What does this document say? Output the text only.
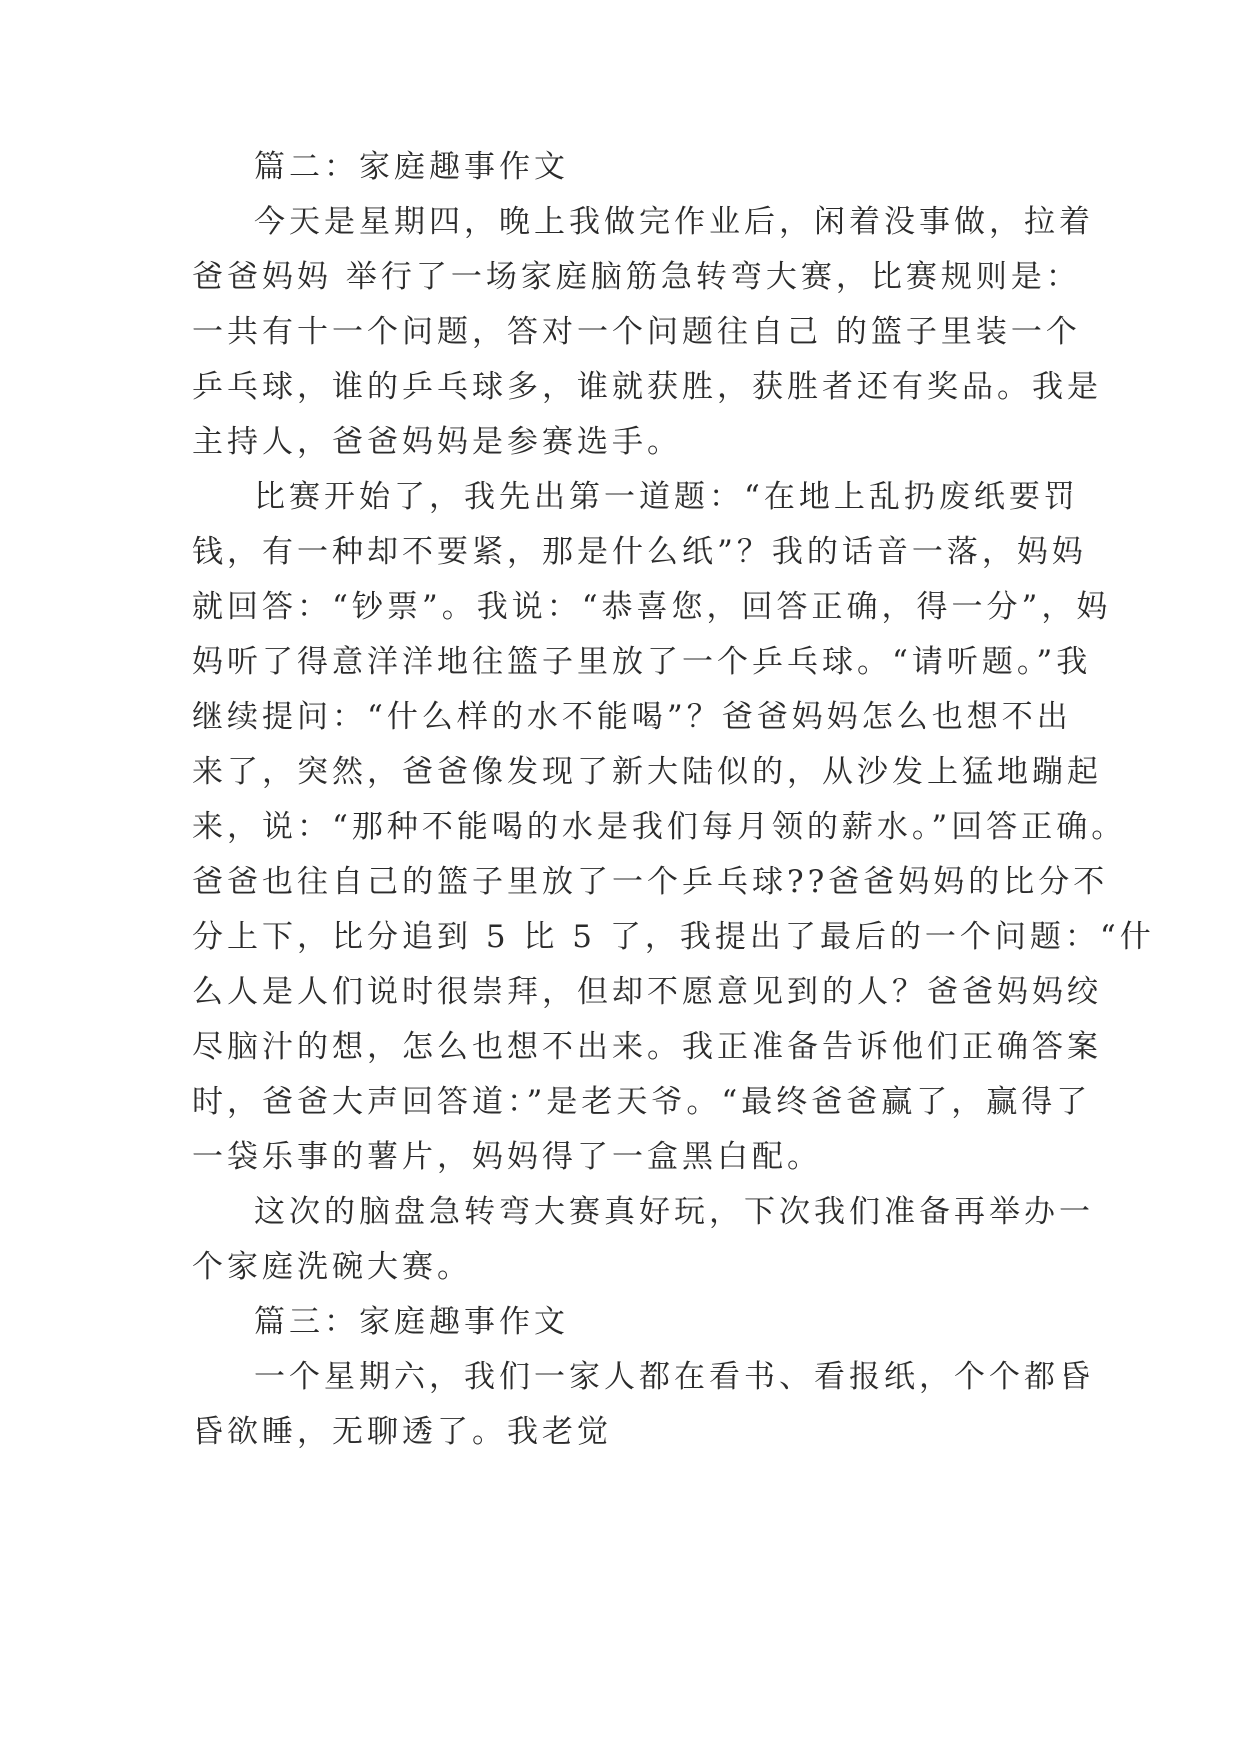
篇二：家庭趣事作文

今天是星期四，晚上我做完作业后，闲着没事做，拉着

爸爸妈妈 举行了一场家庭脑筋急转弯大赛，比赛规则是：

一共有十一个问题，答对一个问题往自己 的篮子里装一个

乒乓球，谁的乒乓球多，谁就获胜，获胜者还有奖品。我是

主持人，爸爸妈妈是参赛选手。

比赛开始了，我先出第一道题：“在地上乱扔废纸要罚

钱，有一种却不要紧，那是什么纸”？我的话音一落，妈妈

就回答：“钞票”。我说：“恭喜您，回答正确，得一分”，妈

妈听了得意洋洋地往篮子里放了一个乒乓球。“请听题。”我

继续提问：“什么样的水不能喝”？爸爸妈妈怎么也想不出

来了，突然，爸爸像发现了新大陆似的，从沙发上猛地蹦起

来，说：“那种不能喝的水是我们每月领的薪水。”回答正确。

爸爸也往自己的篮子里放了一个乒乓球??爸爸妈妈的比分不

分上下，比分追到 5 比 5 了，我提出了最后的一个问题：“什

么人是人们说时很崇拜，但却不愿意见到的人？爸爸妈妈绞

尽脑汁的想，怎么也想不出来。我正准备告诉他们正确答案

时，爸爸大声回答道：”是老天爷。“最终爸爸赢了，赢得了

一袋乐事的薯片，妈妈得了一盒黑白配。

这次的脑盘急转弯大赛真好玩，下次我们准备再举办一

个家庭洗碗大赛。

篇三：家庭趣事作文

一个星期六，我们一家人都在看书、看报纸，个个都昏

昏欲睡，无聊透了。我老觉
